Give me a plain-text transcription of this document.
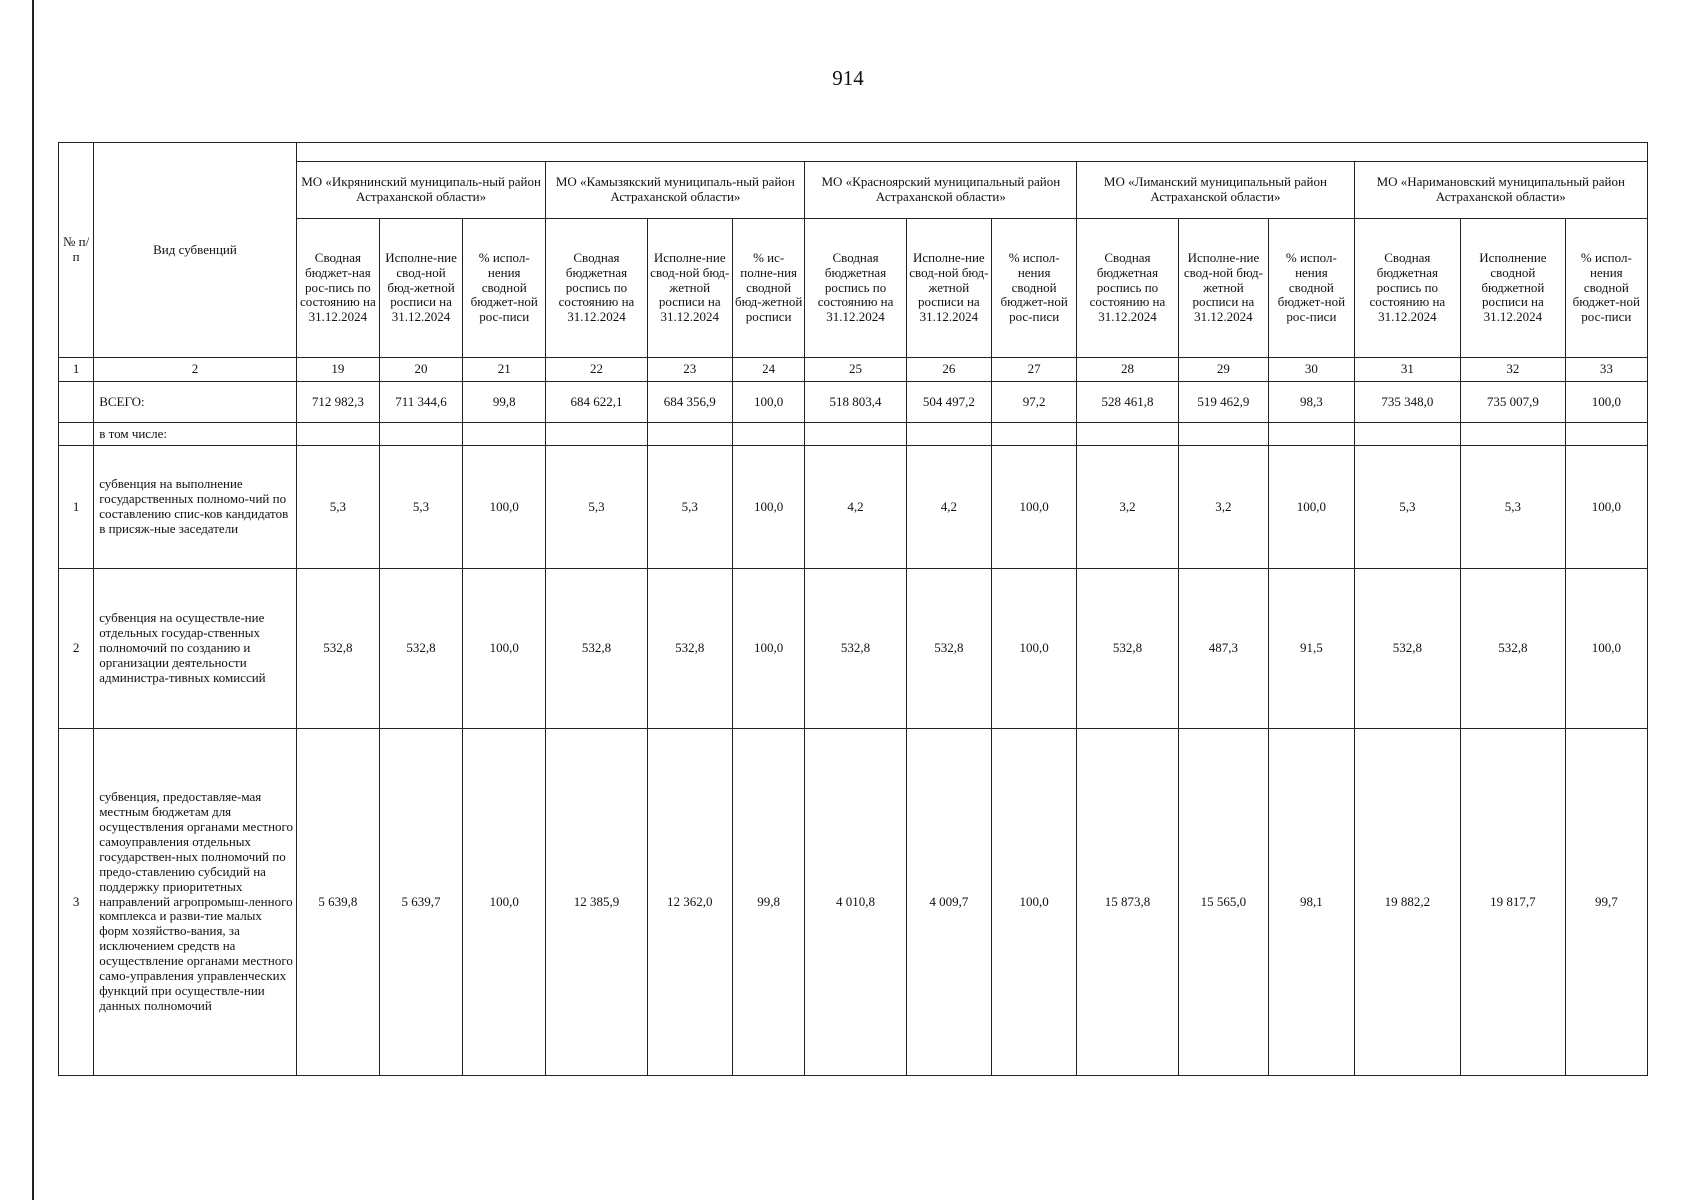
914
№ п/п	Вид субвенций															
		МО «Икрянинский муниципаль-ный район Астраханской области»			МО «Камызякский муниципаль-ный район Астраханской области»			МО «Красноярский муниципальный район Астраханской области»			МО «Лиманский муниципальный район Астраханской области»			МО «Наримановский муниципальный район Астраханской области»		
		Сводная бюджет-ная рос-пись по состоянию на 31.12.2024	Исполне-ние свод-ной бюд-жетной росписи на 31.12.2024	% испол-нения сводной бюджет-ной рос-писи	Сводная бюджетная роспись по состоянию на 31.12.2024	Исполне-ние свод-ной бюд-жетной росписи на 31.12.2024	% ис-полне-ния сводной бюд-жетной росписи	Сводная бюджетная роспись по состоянию на 31.12.2024	Исполне-ние свод-ной бюд-жетной росписи на 31.12.2024	% испол-нения сводной бюджет-ной рос-писи	Сводная бюджетная роспись по состоянию на 31.12.2024	Исполне-ние свод-ной бюд-жетной росписи на 31.12.2024	% испол-нения сводной бюджет-ной рос-писи	Сводная бюджетная роспись по состоянию на 31.12.2024	Исполнение сводной бюджетной росписи на 31.12.2024	% испол-нения сводной бюджет-ной рос-писи
1	2	19	20	21	22	23	24	25	26	27	28	29	30	31	32	33
	ВСЕГО:	712 982,3	711 344,6	99,8	684 622,1	684 356,9	100,0	518 803,4	504 497,2	97,2	528 461,8	519 462,9	98,3	735 348,0	735 007,9	100,0
	в том числе:															
1	субвенция на выполнение государственных полномо-чий по составлению спис-ков кандидатов в присяж-ные заседатели	5,3	5,3	100,0	5,3	5,3	100,0	4,2	4,2	100,0	3,2	3,2	100,0	5,3	5,3	100,0
2	субвенция на осуществле-ние отдельных государ-ственных полномочий по созданию и организации деятельности администра-тивных комиссий	532,8	532,8	100,0	532,8	532,8	100,0	532,8	532,8	100,0	532,8	487,3	91,5	532,8	532,8	100,0
3	субвенция, предоставляе-мая местным бюджетам для осуществления органами местного самоуправления отдельных государствен-ных полномочий по предо-ставлению субсидий на поддержку приоритетных направлений агропромыш-ленного комплекса и разви-тие малых форм хозяйство-вания, за исключением средств на осуществление органами местного само-управления управленческих функций при осуществле-нии данных полномочий	5 639,8	5 639,7	100,0	12 385,9	12 362,0	99,8	4 010,8	4 009,7	100,0	15 873,8	15 565,0	98,1	19 882,2	19 817,7	99,7
